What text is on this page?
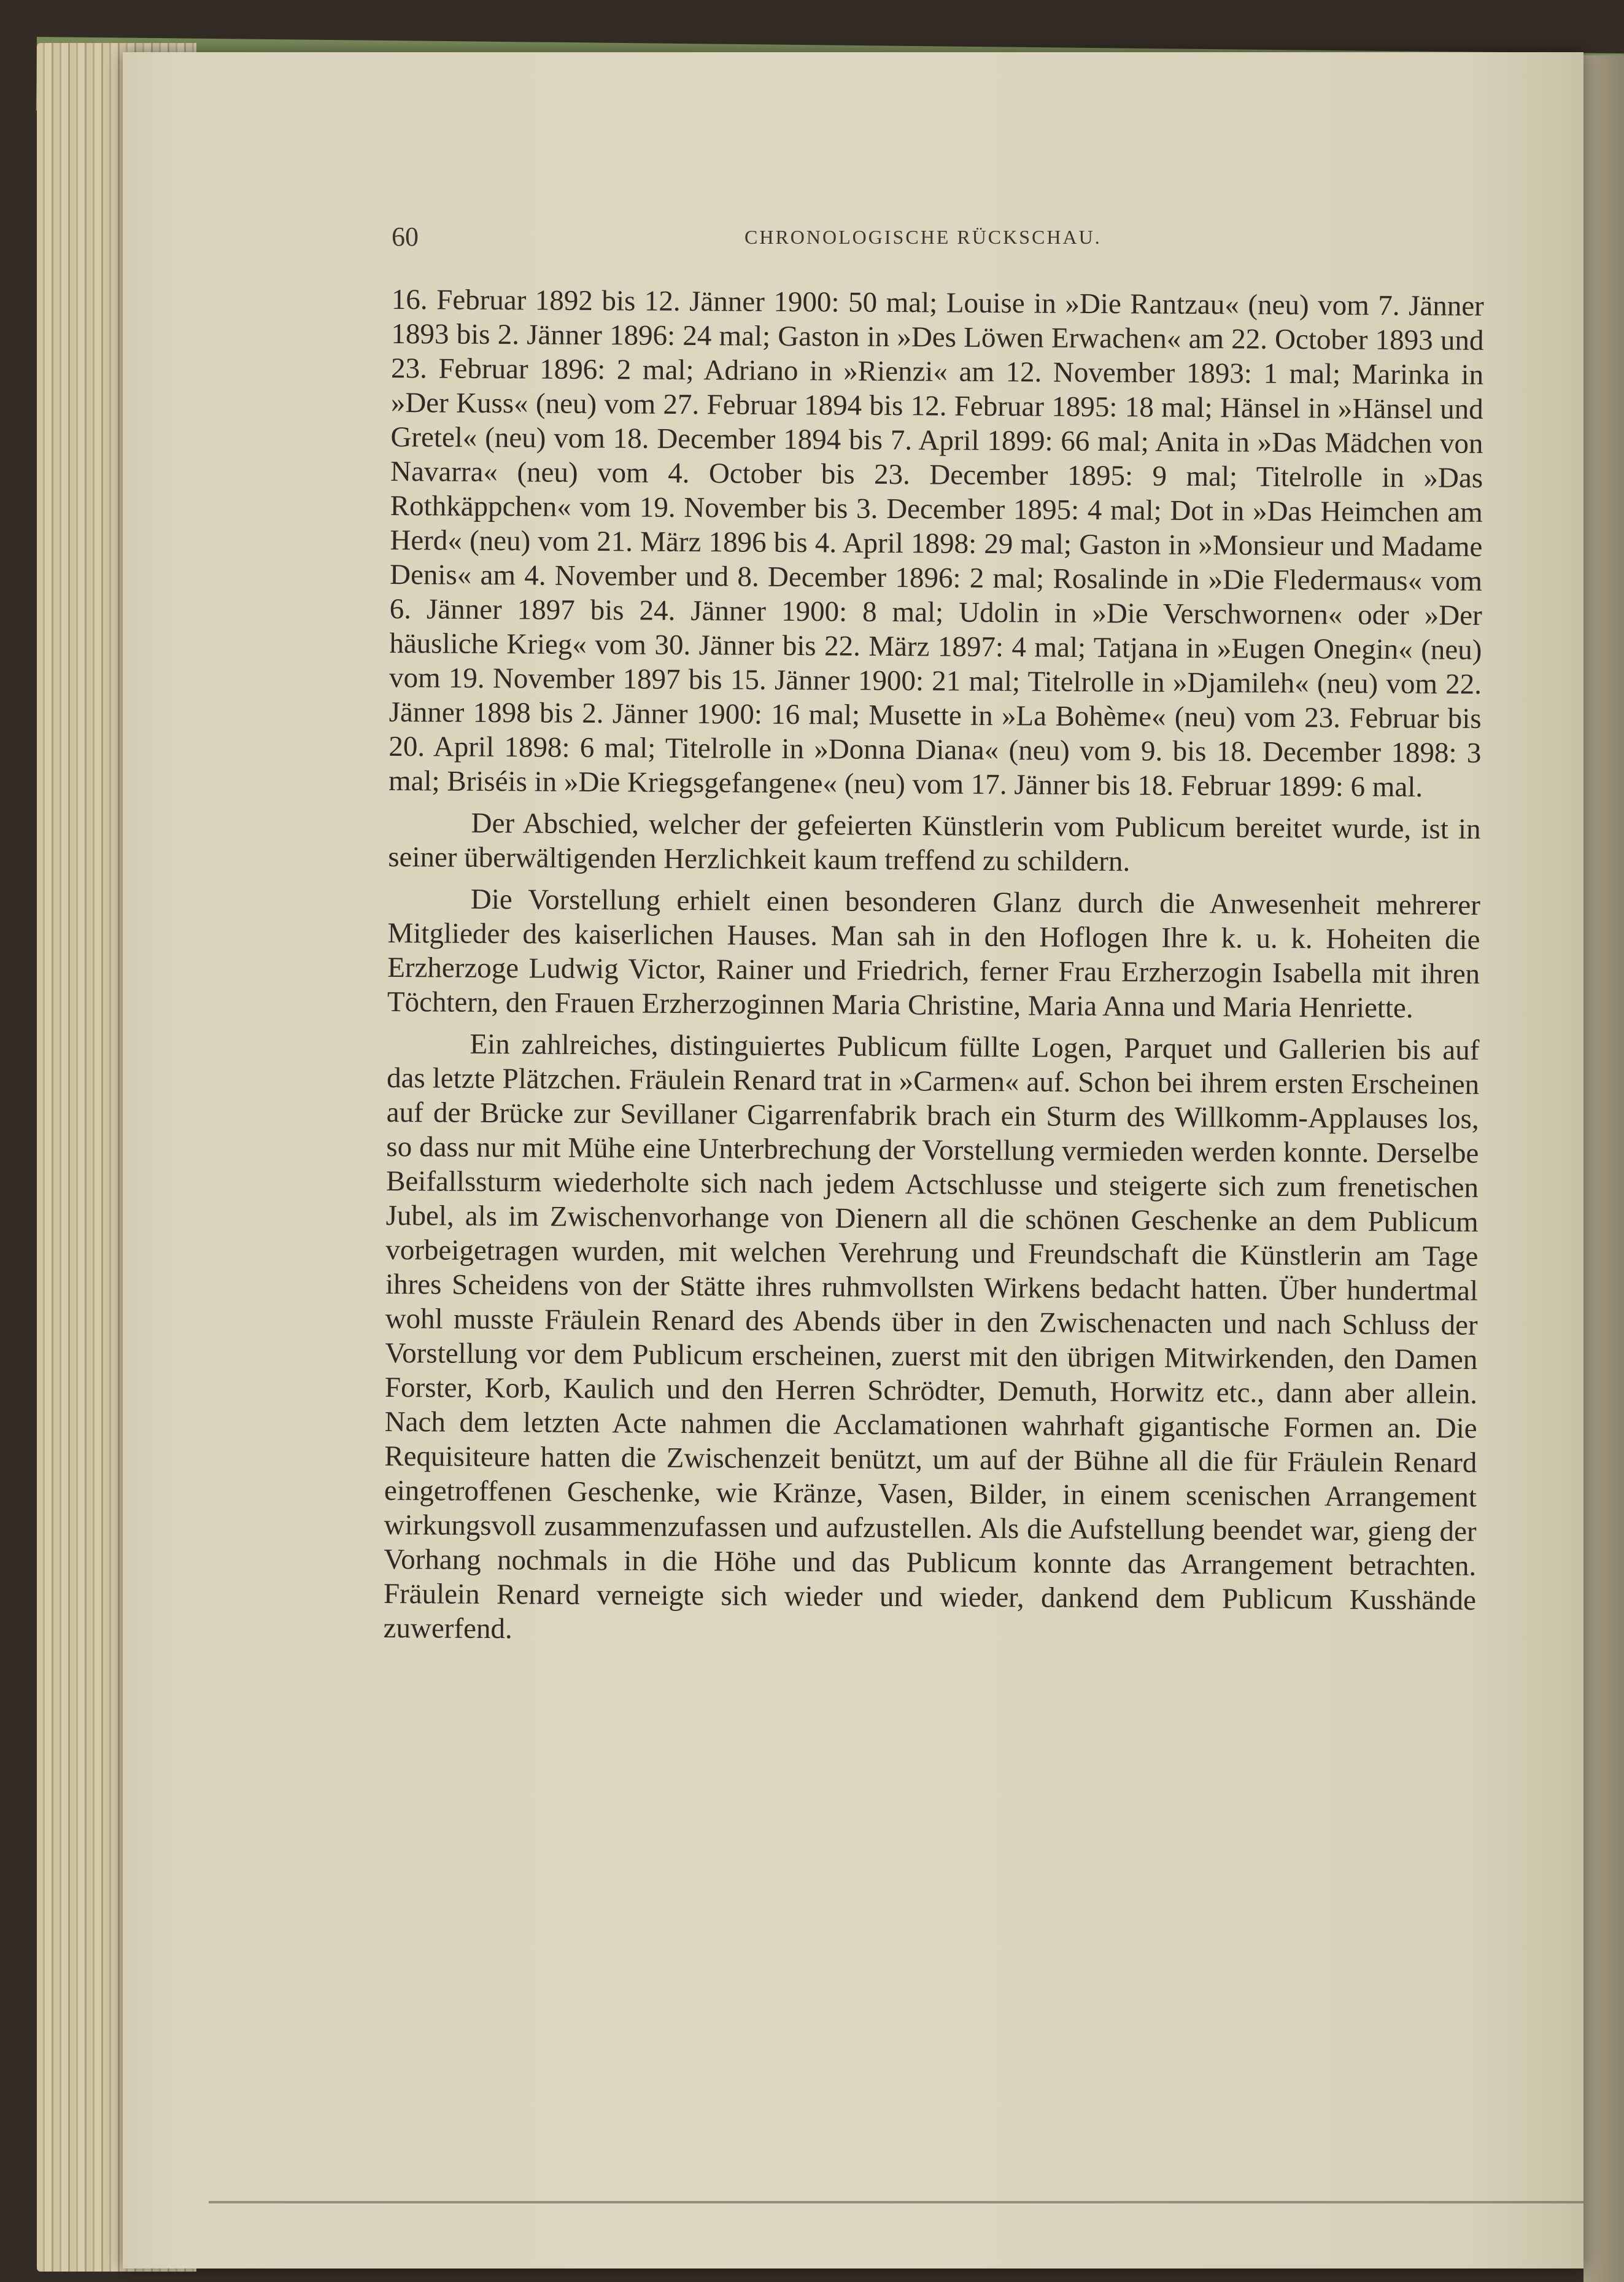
60	CHRONOLOGISCHE RÜCKSCHAU.

16. Februar 1892 bis 12. Jänner 1900: 50 mal; Louise in »Die Rantzau« (neu) vom 7. Jänner 1893 bis 2. Jänner 1896: 24 mal; Gaston in »Des Löwen Erwachen« am 22. October 1893 und 23. Februar 1896: 2 mal; Adriano in »Rienzi« am 12. November 1893: 1 mal; Marinka in »Der Kuss« (neu) vom 27. Februar 1894 bis 12. Februar 1895: 18 mal; Hänsel in »Hänsel und Gretel« (neu) vom 18. December 1894 bis 7. April 1899: 66 mal; Anita in »Das Mädchen von Navarra« (neu) vom 4. October bis 23. December 1895: 9 mal; Titelrolle in »Das Rothkäppchen« vom 19. November bis 3. December 1895: 4 mal; Dot in »Das Heimchen am Herd« (neu) vom 21. März 1896 bis 4. April 1898: 29 mal; Gaston in »Monsieur und Madame Denis« am 4. November und 8. December 1896: 2 mal; Rosalinde in »Die Fledermaus« vom 6. Jänner 1897 bis 24. Jänner 1900: 8 mal; Udolin in »Die Verschwornen« oder »Der häusliche Krieg« vom 30. Jänner bis 22. März 1897: 4 mal; Tatjana in »Eugen Onegin« (neu) vom 19. November 1897 bis 15. Jänner 1900: 21 mal; Titelrolle in »Djamileh« (neu) vom 22. Jänner 1898 bis 2. Jänner 1900: 16 mal; Musette in »La Bohème« (neu) vom 23. Februar bis 20. April 1898: 6 mal; Titelrolle in »Donna Diana« (neu) vom 9. bis 18. December 1898: 3 mal; Briséis in »Die Kriegsgefangene« (neu) vom 17. Jänner bis 18. Februar 1899: 6 mal.

Der Abschied, welcher der gefeierten Künstlerin vom Publicum bereitet wurde, ist in seiner überwältigenden Herzlichkeit kaum treffend zu schildern.

Die Vorstellung erhielt einen besonderen Glanz durch die Anwesenheit mehrerer Mitglieder des kaiserlichen Hauses. Man sah in den Hoflogen Ihre k. u. k. Hoheiten die Erzherzoge Ludwig Victor, Rainer und Friedrich, ferner Frau Erzherzogin Isabella mit ihren Töchtern, den Frauen Erzherzoginnen Maria Christine, Maria Anna und Maria Henriette.

Ein zahlreiches, distinguiertes Publicum füllte Logen, Parquet und Gallerien bis auf das letzte Plätzchen. Fräulein Renard trat in »Carmen« auf. Schon bei ihrem ersten Erscheinen auf der Brücke zur Sevillaner Cigarrenfabrik brach ein Sturm des Willkomm-Applauses los, so dass nur mit Mühe eine Unterbrechung der Vorstellung vermieden werden konnte. Derselbe Beifallssturm wiederholte sich nach jedem Actschlusse und steigerte sich zum frenetischen Jubel, als im Zwischenvorhange von Dienern all die schönen Geschenke an dem Publicum vorbeigetragen wurden, mit welchen Verehrung und Freundschaft die Künstlerin am Tage ihres Scheidens von der Stätte ihres ruhmvollsten Wirkens bedacht hatten. Über hundertmal wohl musste Fräulein Renard des Abends über in den Zwischenacten und nach Schluss der Vorstellung vor dem Publicum erscheinen, zuerst mit den übrigen Mitwirkenden, den Damen Forster, Korb, Kaulich und den Herren Schrödter, Demuth, Horwitz etc., dann aber allein. Nach dem letzten Acte nahmen die Acclamationen wahrhaft gigantische Formen an. Die Requisiteure hatten die Zwischenzeit benützt, um auf der Bühne all die für Fräulein Renard eingetroffenen Geschenke, wie Kränze, Vasen, Bilder, in einem scenischen Arrangement wirkungsvoll zusammenzufassen und aufzustellen. Als die Aufstellung beendet war, gieng der Vorhang nochmals in die Höhe und das Publicum konnte das Arrangement betrachten. Fräulein Renard verneigte sich wieder und wieder, dankend dem Publicum Kusshände zuwerfend.
